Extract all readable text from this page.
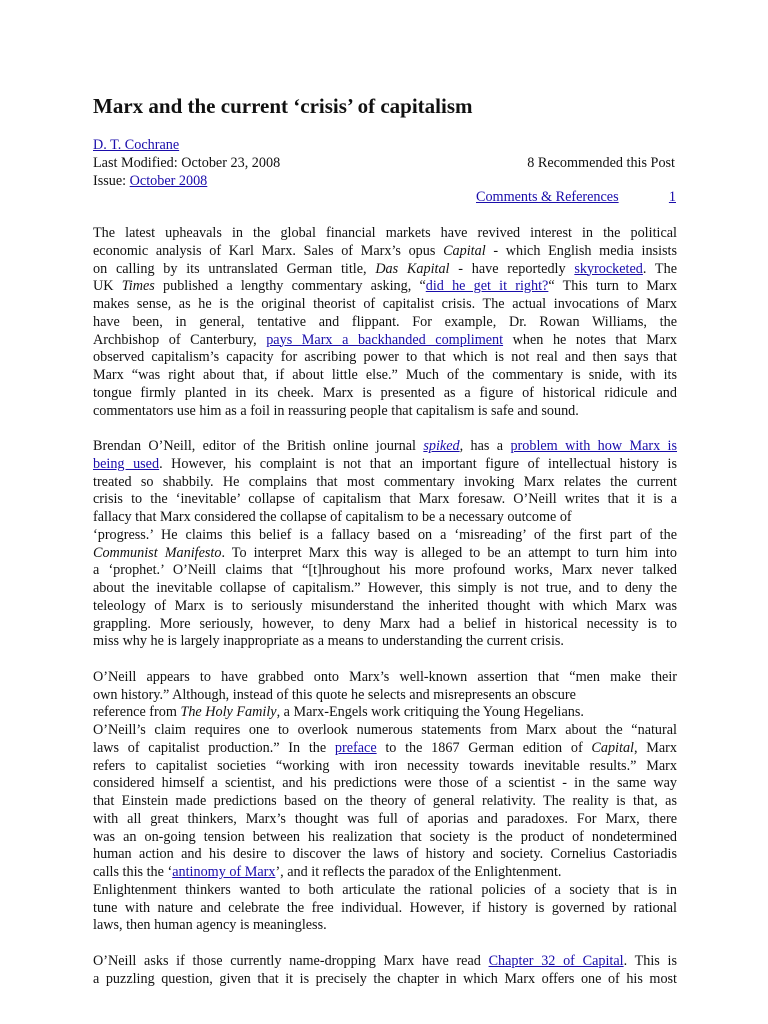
Marx and the current ‘crisis’ of capitalism
D. T. Cochrane
Last Modified: October 23, 2008	8 Recommended this Post
Issue: October 2008
Comments & References	1

The latest upheavals in the global financial markets have revived interest in the political
economic analysis of Karl Marx. Sales of Marx’s opus Capital - which English media insists
on calling by its untranslated German title, Das Kapital - have reportedly skyrocketed. The
UK Times published a lengthy commentary asking, “did he get it right?“ This turn to Marx
makes sense, as he is the original theorist of capitalist crisis. The actual invocations of Marx
have been, in general, tentative and flippant. For example, Dr. Rowan Williams, the
Archbishop of Canterbury, pays Marx a backhanded compliment when he notes that Marx
observed capitalism’s capacity for ascribing power to that which is not real and then says that
Marx “was right about that, if about little else.” Much of the commentary is snide, with its
tongue firmly planted in its cheek. Marx is presented as a figure of historical ridicule and
commentators use him as a foil in reassuring people that capitalism is safe and sound.

Brendan O’Neill, editor of the British online journal spiked, has a problem with how Marx is
being used. However, his complaint is not that an important figure of intellectual history is
treated so shabbily. He complains that most commentary invoking Marx relates the current
crisis to the ‘inevitable’ collapse of capitalism that Marx foresaw. O’Neill writes that it is a
fallacy that Marx considered the collapse of capitalism to be a necessary outcome of
‘progress.’ He claims this belief is a fallacy based on a ‘misreading’ of the first part of the
Communist Manifesto. To interpret Marx this way is alleged to be an attempt to turn him into
a ‘prophet.’ O’Neill claims that “[t]hroughout his more profound works, Marx never talked
about the inevitable collapse of capitalism.” However, this simply is not true, and to deny the
teleology of Marx is to seriously misunderstand the inherited thought with which Marx was
grappling. More seriously, however, to deny Marx had a belief in historical necessity is to
miss why he is largely inappropriate as a means to understanding the current crisis.

O’Neill appears to have grabbed onto Marx’s well-known assertion that “men make their
own history.” Although, instead of this quote he selects and misrepresents an obscure
reference from The Holy Family, a Marx-Engels work critiquing the Young Hegelians.
O’Neill’s claim requires one to overlook numerous statements from Marx about the “natural
laws of capitalist production.” In the preface to the 1867 German edition of Capital, Marx
refers to capitalist societies “working with iron necessity towards inevitable results.” Marx
considered himself a scientist, and his predictions were those of a scientist - in the same way
that Einstein made predictions based on the theory of general relativity. The reality is that, as
with all great thinkers, Marx’s thought was full of aporias and paradoxes. For Marx, there
was an on-going tension between his realization that society is the product of nondetermined
human action and his desire to discover the laws of history and society. Cornelius Castoriadis
calls this the ‘antinomy of Marx’, and it reflects the paradox of the Enlightenment.
Enlightenment thinkers wanted to both articulate the rational policies of a society that is in
tune with nature and celebrate the free individual. However, if history is governed by rational
laws, then human agency is meaningless.

O’Neill asks if those currently name-dropping Marx have read Chapter 32 of Capital. This is
a puzzling question, given that it is precisely the chapter in which Marx offers one of his most
